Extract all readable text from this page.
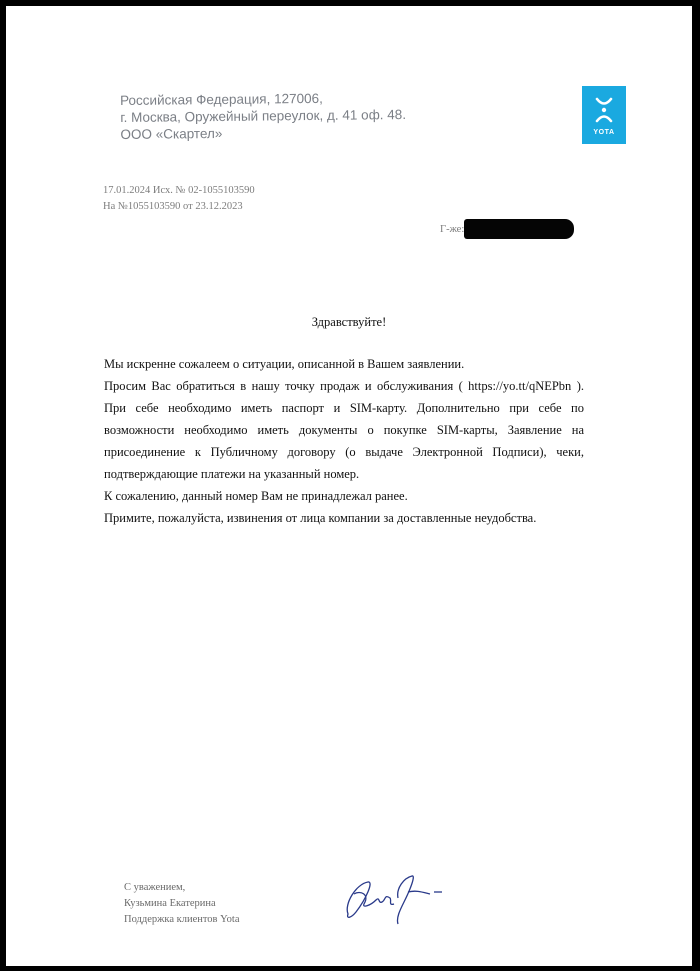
Российская Федерация, 127006,
г. Москва, Оружейный переулок, д. 41 оф. 48.
ООО «Скартел»	YOTA
17.01.2024 Исх. № 02-1055103590
На №1055103590 от 23.12.2023
Г-же:
Здравствуйте!

Мы искренне сожалеем о ситуации, описанной в Вашем заявлении.

Просим Вас обратиться в нашу точку продаж и обслуживания ( https://yo.tt/qNEPbn ). При себе необходимо иметь паспорт и SIM-карту. Дополнительно при себе по возможности необходимо иметь документы о покупке SIM-карты, Заявление на присоединение к Публичному договору (о выдаче Электронной Подписи), чеки, подтверждающие платежи на указанный номер.

К сожалению, данный номер Вам не принадлежал ранее.

Примите, пожалуйста, извинения от лица компании за доставленные неудобства.

С уважением,
Кузьмина Екатерина
Поддержка клиентов Yota
